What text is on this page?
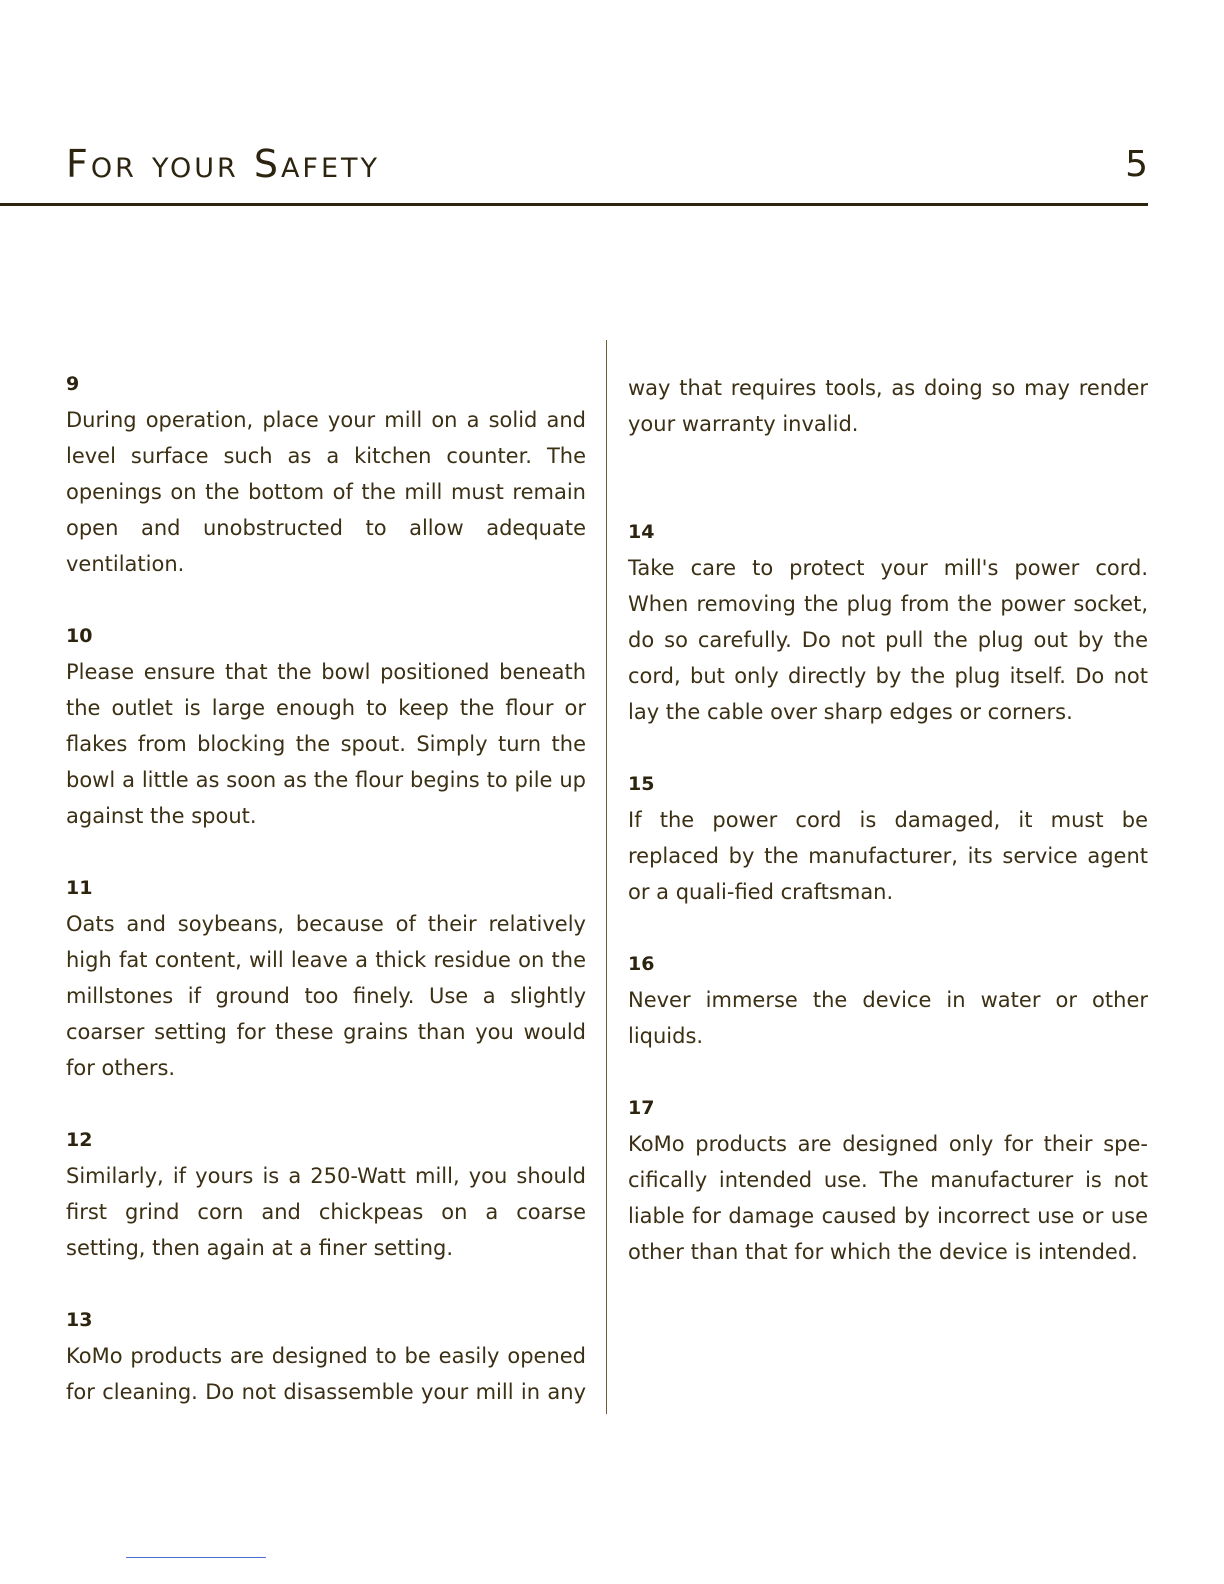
For your Safety	5
9

During operation, place your mill on a solid and level surface such as a kitchen counter. The openings on the bottom of the mill must remain open and unobstructed to allow adequate ventilation.

10

Please ensure that the bowl positioned beneath the outlet is large enough to keep the flour or flakes from blocking the spout. Simply turn the bowl a little as soon as the flour begins to pile up against the spout.

11

Oats and soybeans, because of their relatively high fat content, will leave a thick residue on the millstones if ground too finely. Use a slightly coarser setting for these grains than you would for others.

12

Similarly, if yours is a 250-Watt mill, you should first grind corn and chickpeas on a coarse setting, then again at a finer setting.

13

KoMo products are designed to be easily opened for cleaning. Do not disassemble your mill in any

way that requires tools, as doing so may render your warranty invalid.

14

Take care to protect your mill's power cord. When removing the plug from the power socket, do so carefully. Do not pull the plug out by the cord, but only directly by the plug itself. Do not lay the cable over sharp edges or corners.

15

If the power cord is damaged, it must be replaced by the manufacturer, its service agent or a quali-fied craftsman.

16

Never immerse the device in water or other liquids.

17

KoMo products are designed only for their spe-cifically intended use. The manufacturer is not liable for damage caused by incorrect use or use other than that for which the device is intended.
